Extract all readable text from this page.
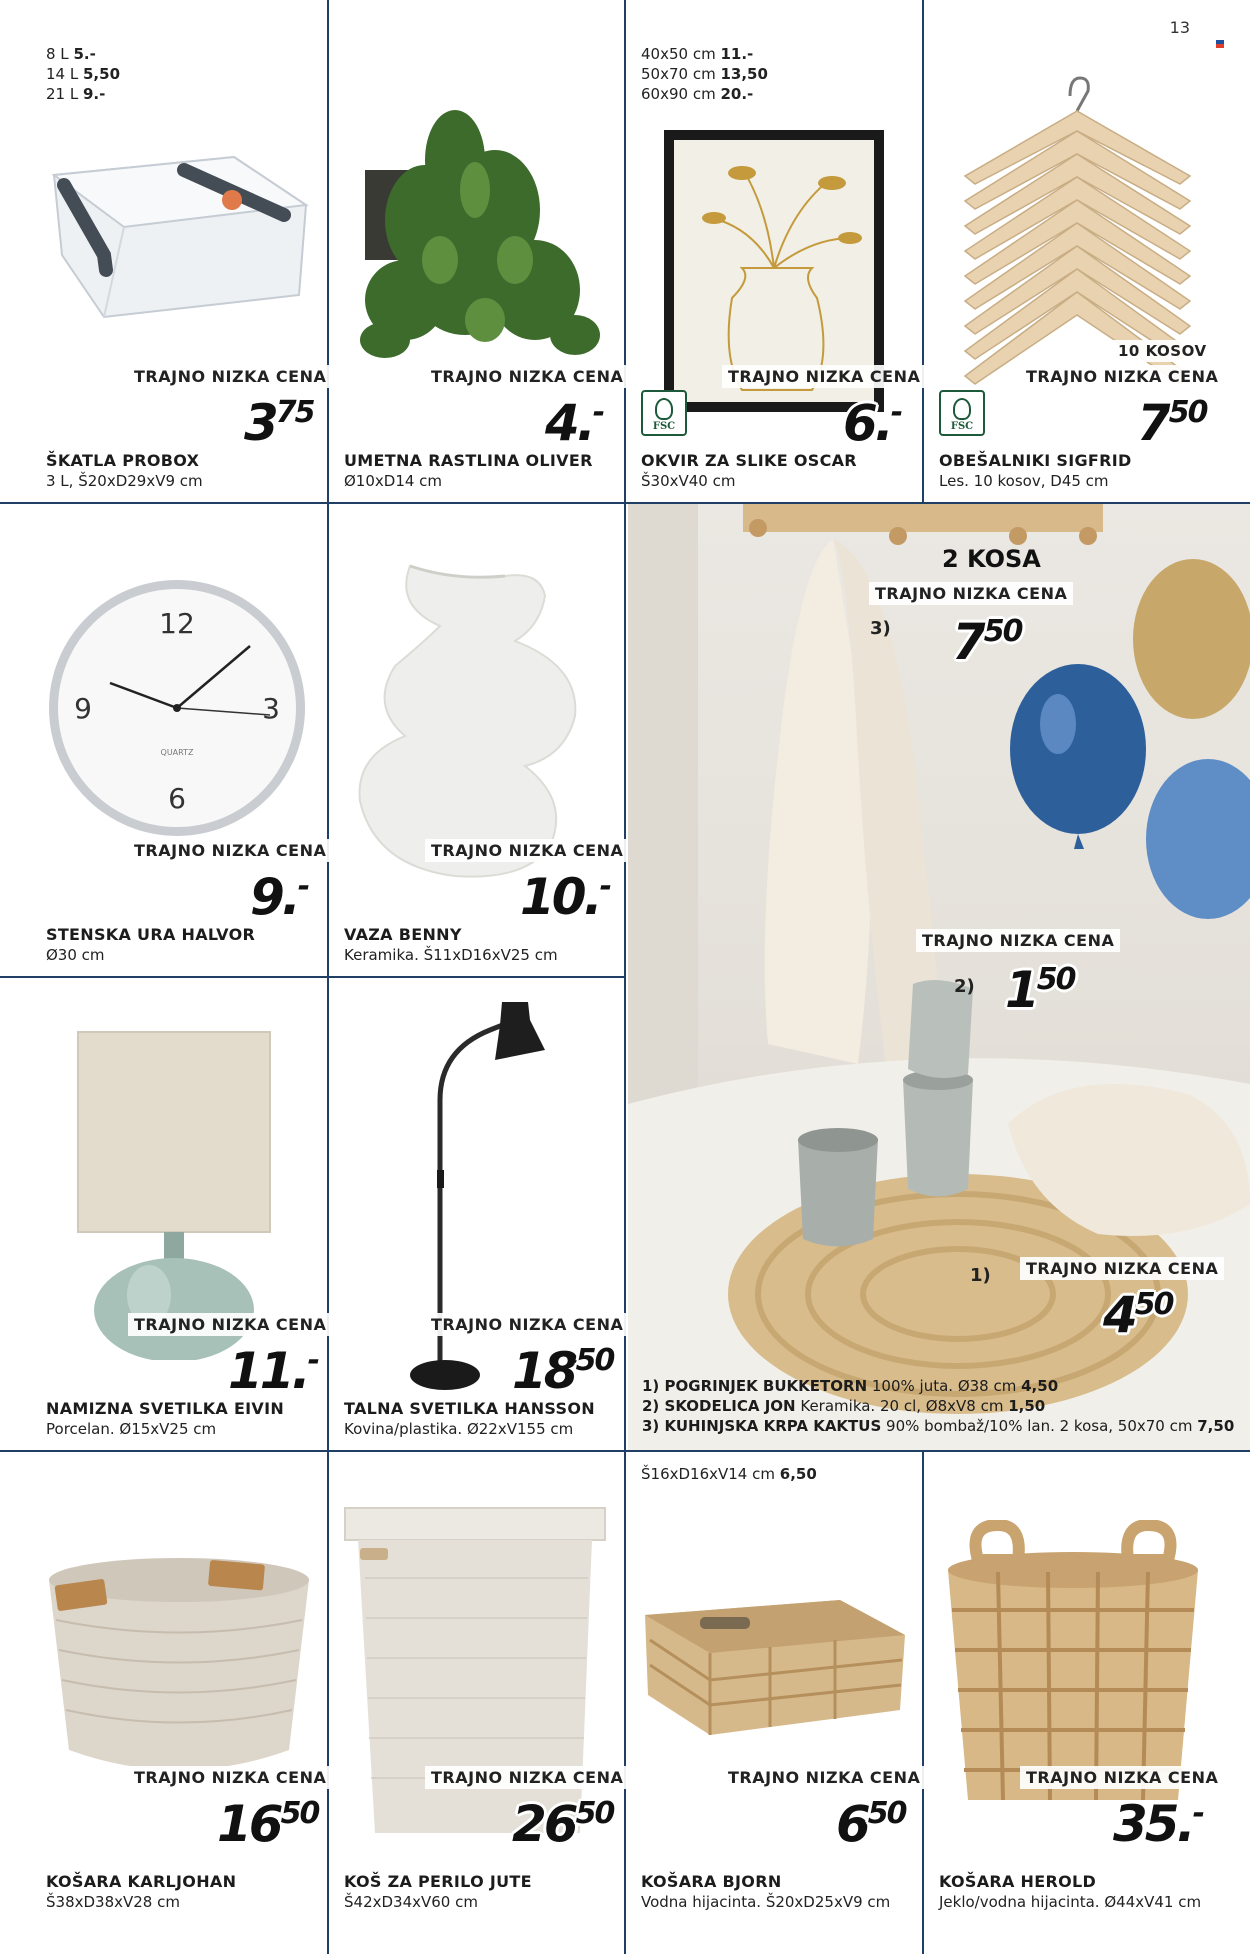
13
8 L 5.-
14 L 5,50
21 L 9.-
TRAJNO NIZKA CENA
375
ŠKATLA PROBOX
3 L, Š20xD29xV9 cm
TRAJNO NIZKA CENA
4.-
UMETNA RASTLINA OLIVER
Ø10xD14 cm
40x50 cm 11.-
50x70 cm 13,50
60x90 cm 20.-
FSC
TRAJNO NIZKA CENA
6.-
OKVIR ZA SLIKE OSCAR
Š30xV40 cm
10 KOSOV
FSC
TRAJNO NIZKA CENA
750
OBEŠALNIKI SIGFRID
Les. 10 kosov, D45 cm
12
9	3
6
QUARTZ
TRAJNO NIZKA CENA
9.-
STENSKA URA HALVOR
Ø30 cm
TRAJNO NIZKA CENA
10.-
VAZA BENNY
Keramika. Š11xD16xV25 cm
TRAJNO NIZKA CENA
11.-
NAMIZNA SVETILKA EIVIN
Porcelan. Ø15xV25 cm
TRAJNO NIZKA CENA
1850
TALNA SVETILKA HANSSON
Kovina/plastika. Ø22xV155 cm
2 KOSA
TRAJNO NIZKA CENA
3) 750
TRAJNO NIZKA CENA
2) 150
TRAJNO NIZKA CENA
1)
450
1) POGRINJEK BUKKETORN 100% juta. Ø38 cm 4,50
2) SKODELICA JON Keramika. 20 cl, Ø8xV8 cm 1,50
3) KUHINJSKA KRPA KAKTUS 90% bombaž/10% lan. 2 kosa, 50x70 cm 7,50
TRAJNO NIZKA CENA
1650
KOŠARA KARLJOHAN
Š38xD38xV28 cm
TRAJNO NIZKA CENA
2650
KOŠ ZA PERILO JUTE
Š42xD34xV60 cm
Š16xD16xV14 cm 6,50
TRAJNO NIZKA CENA
650
KOŠARA BJORN
Vodna hijacinta. Š20xD25xV9 cm
TRAJNO NIZKA CENA
35.-
KOŠARA HEROLD
Jeklo/vodna hijacinta. Ø44xV41 cm
